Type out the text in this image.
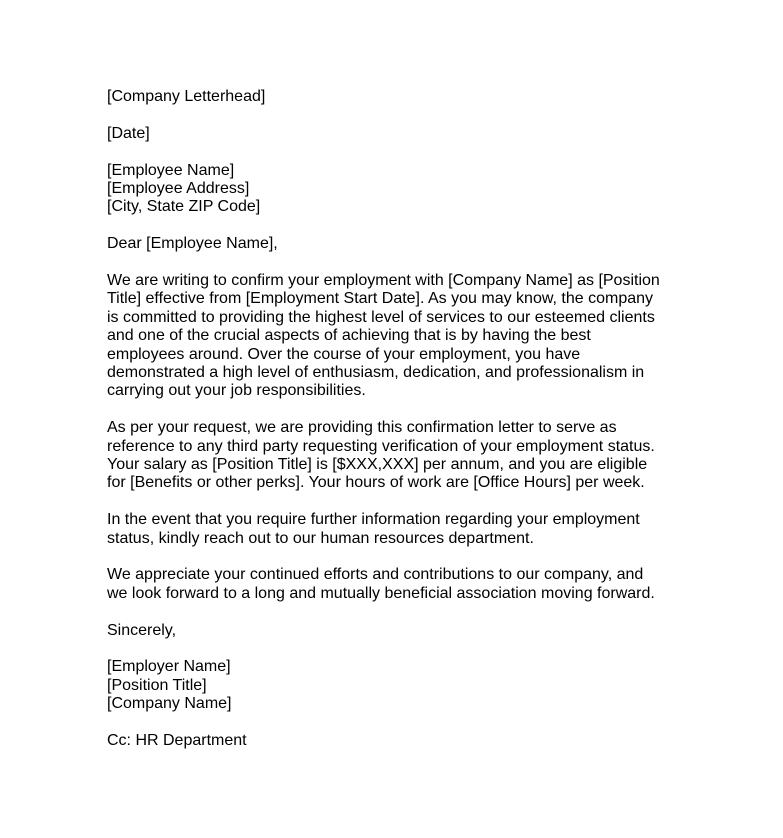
[Company Letterhead]

[Date]

[Employee Name]
[Employee Address]
[City, State ZIP Code]

Dear [Employee Name],

We are writing to confirm your employment with [Company Name] as [Position
Title] effective from [Employment Start Date]. As you may know, the company
is committed to providing the highest level of services to our esteemed clients
and one of the crucial aspects of achieving that is by having the best
employees around. Over the course of your employment, you have
demonstrated a high level of enthusiasm, dedication, and professionalism in
carrying out your job responsibilities.
As per your request, we are providing this confirmation letter to serve as
reference to any third party requesting verification of your employment status.
Your salary as [Position Title] is [$XXX,XXX] per annum, and you are eligible
for [Benefits or other perks]. Your hours of work are [Office Hours] per week.
In the event that you require further information regarding your employment
status, kindly reach out to our human resources department.
We appreciate your continued efforts and contributions to our company, and
we look forward to a long and mutually beneficial association moving forward.

Sincerely,

[Employer Name]
[Position Title]
[Company Name]

Cc: HR Department
